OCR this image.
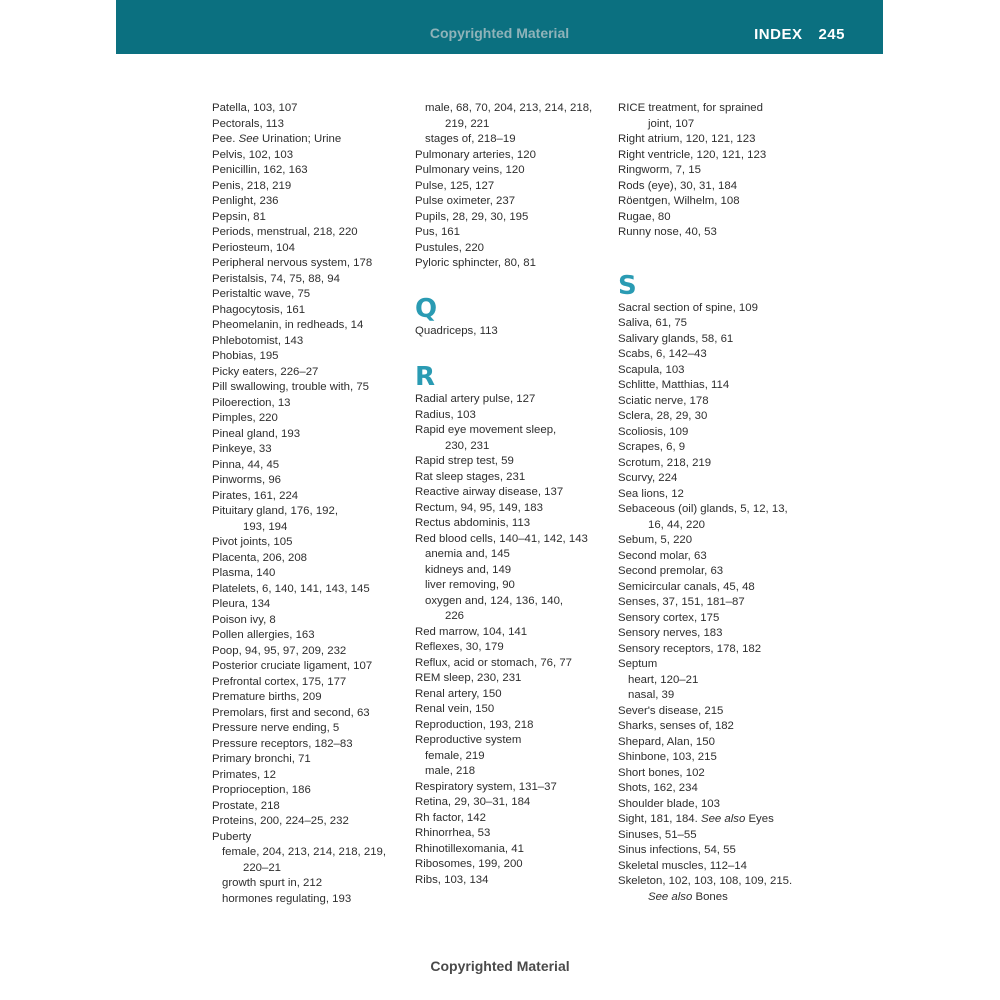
Copyrighted Material	INDEX 245
Patella, 103, 107
Pectorals, 113
Pee. See Urination; Urine
Pelvis, 102, 103
Penicillin, 162, 163
Penis, 218, 219
Penlight, 236
Pepsin, 81
Periods, menstrual, 218, 220
Periosteum, 104
Peripheral nervous system, 178
Peristalsis, 74, 75, 88, 94
Peristaltic wave, 75
Phagocytosis, 161
Pheomelanin, in redheads, 14
Phlebotomist, 143
Phobias, 195
Picky eaters, 226–27
Pill swallowing, trouble with, 75
Piloerection, 13
Pimples, 220
Pineal gland, 193
Pinkeye, 33
Pinna, 44, 45
Pinworms, 96
Pirates, 161, 224
Pituitary gland, 176, 192,
193, 194
Pivot joints, 105
Placenta, 206, 208
Plasma, 140
Platelets, 6, 140, 141, 143, 145
Pleura, 134
Poison ivy, 8
Pollen allergies, 163
Poop, 94, 95, 97, 209, 232
Posterior cruciate ligament, 107
Prefrontal cortex, 175, 177
Premature births, 209
Premolars, first and second, 63
Pressure nerve ending, 5
Pressure receptors, 182–83
Primary bronchi, 71
Primates, 12
Proprioception, 186
Prostate, 218
Proteins, 200, 224–25, 232
Puberty
female, 204, 213, 214, 218, 219,
220–21
growth spurt in, 212
hormones regulating, 193
male, 68, 70, 204, 213, 214, 218,
219, 221
stages of, 218–19
Pulmonary arteries, 120
Pulmonary veins, 120
Pulse, 125, 127
Pulse oximeter, 237
Pupils, 28, 29, 30, 195
Pus, 161
Pustules, 220
Pyloric sphincter, 80, 81
Q
Quadriceps, 113
R
Radial artery pulse, 127
Radius, 103
Rapid eye movement sleep,
230, 231
Rapid strep test, 59
Rat sleep stages, 231
Reactive airway disease, 137
Rectum, 94, 95, 149, 183
Rectus abdominis, 113
Red blood cells, 140–41, 142, 143
anemia and, 145
kidneys and, 149
liver removing, 90
oxygen and, 124, 136, 140,
226
Red marrow, 104, 141
Reflexes, 30, 179
Reflux, acid or stomach, 76, 77
REM sleep, 230, 231
Renal artery, 150
Renal vein, 150
Reproduction, 193, 218
Reproductive system
female, 219
male, 218
Respiratory system, 131–37
Retina, 29, 30–31, 184
Rh factor, 142
Rhinorrhea, 53
Rhinotillexomania, 41
Ribosomes, 199, 200
Ribs, 103, 134
RICE treatment, for sprained
joint, 107
Right atrium, 120, 121, 123
Right ventricle, 120, 121, 123
Ringworm, 7, 15
Rods (eye), 30, 31, 184
Röentgen, Wilhelm, 108
Rugae, 80
Runny nose, 40, 53
S
Sacral section of spine, 109
Saliva, 61, 75
Salivary glands, 58, 61
Scabs, 6, 142–43
Scapula, 103
Schlitte, Matthias, 114
Sciatic nerve, 178
Sclera, 28, 29, 30
Scoliosis, 109
Scrapes, 6, 9
Scrotum, 218, 219
Scurvy, 224
Sea lions, 12
Sebaceous (oil) glands, 5, 12, 13,
16, 44, 220
Sebum, 5, 220
Second molar, 63
Second premolar, 63
Semicircular canals, 45, 48
Senses, 37, 151, 181–87
Sensory cortex, 175
Sensory nerves, 183
Sensory receptors, 178, 182
Septum
heart, 120–21
nasal, 39
Sever's disease, 215
Sharks, senses of, 182
Shepard, Alan, 150
Shinbone, 103, 215
Short bones, 102
Shots, 162, 234
Shoulder blade, 103
Sight, 181, 184. See also Eyes
Sinuses, 51–55
Sinus infections, 54, 55
Skeletal muscles, 112–14
Skeleton, 102, 103, 108, 109, 215.
See also Bones
Copyrighted Material
